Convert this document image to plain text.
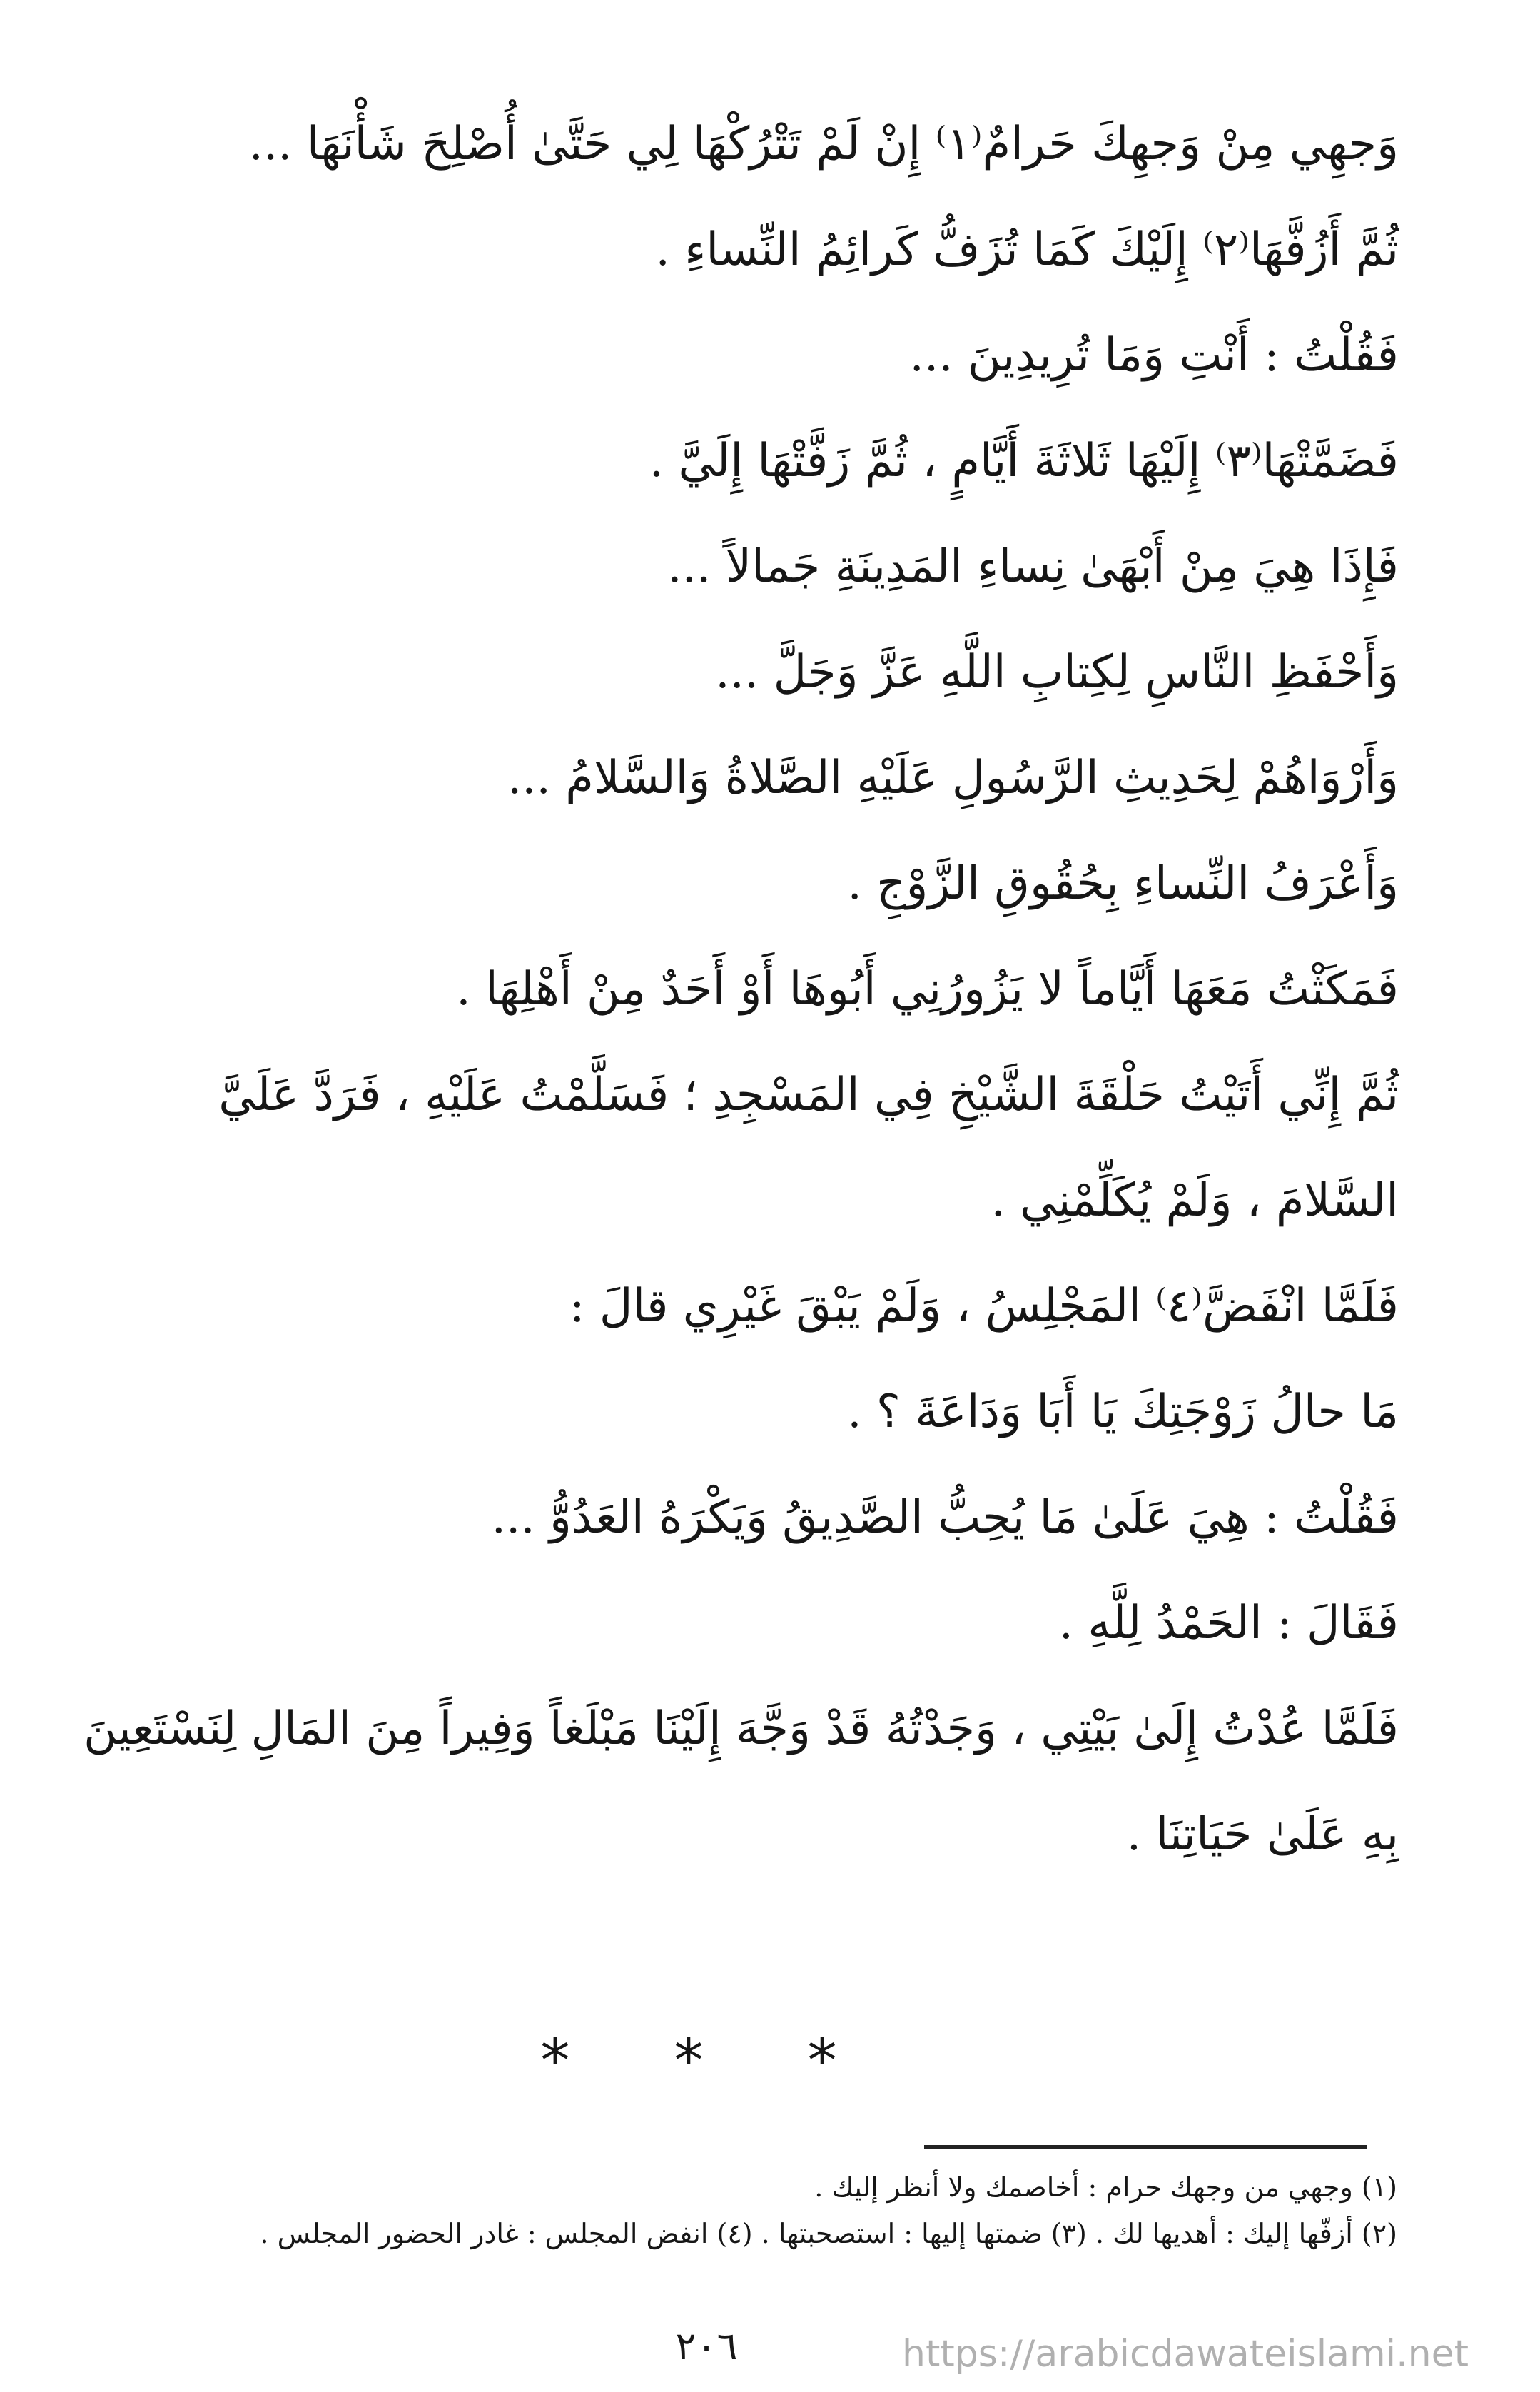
وَجهِي مِنْ وَجهِكَ حَرامٌ⁽١⁾ إِنْ لَمْ تَتْرُكْهَا لِي حَتَّىٰ أُصْلِحَ شَأْنَهَا ...
ثُمَّ أَزُفَّهَا⁽٢⁾ إِلَيْكَ كَمَا تُزَفُّ كَرائِمُ النِّساءِ .
فَقُلْتُ : أَنْتِ وَمَا تُرِيدِينَ ...
فَضَمَّتْهَا⁽٣⁾ إِلَيْهَا ثَلاثَةَ أَيَّامٍ ، ثُمَّ زَفَّتْهَا إِلَيَّ .
فَإِذَا هِيَ مِنْ أَبْهَىٰ نِساءِ المَدِينَةِ جَمالاً ...
وَأَحْفَظِ النَّاسِ لِكِتابِ اللَّهِ عَزَّ وَجَلَّ ...
وَأَرْوَاهُمْ لِحَدِيثِ الرَّسُولِ عَلَيْهِ الصَّلاةُ وَالسَّلامُ ...
وَأَعْرَفُ النِّساءِ بِحُقُوقِ الزَّوْجِ .
فَمَكَثْتُ مَعَهَا أَيَّاماً لا يَزُورُنِي أَبُوهَا أَوْ أَحَدٌ مِنْ أَهْلِهَا .
ثُمَّ إِنِّي أَتَيْتُ حَلْقَةَ الشَّيْخِ فِي المَسْجِدِ ؛ فَسَلَّمْتُ عَلَيْهِ ، فَرَدَّ عَلَيَّ
السَّلامَ ، وَلَمْ يُكَلِّمْنِي .
فَلَمَّا انْفَضَّ⁽٤⁾ المَجْلِسُ ، وَلَمْ يَبْقَ غَيْرِي قالَ :
مَا حالُ زَوْجَتِكَ يَا أَبَا وَدَاعَةَ ؟ .
فَقُلْتُ : هِيَ عَلَىٰ مَا يُحِبُّ الصَّدِيقُ وَيَكْرَهُ العَدُوُّ ...
فَقَالَ : الحَمْدُ لِلَّهِ .
فَلَمَّا عُدْتُ إِلَىٰ بَيْتِي ، وَجَدْتُهُ قَدْ وَجَّهَ إِلَيْنَا مَبْلَغاً وَفِيراً مِنَ المَالِ لِنَسْتَعِينَ
بِهِ عَلَىٰ حَيَاتِنَا .
* * *
(١) وجهي من وجهك حرام : أخاصمك ولا أنظر إليك .
(٢) أزفّها إليك : أهديها لك . (٣) ضمتها إليها : استصحبتها . (٤) انفض المجلس : غادر الحضور المجلس .
٢٠٦	https://arabicdawateislami.net
